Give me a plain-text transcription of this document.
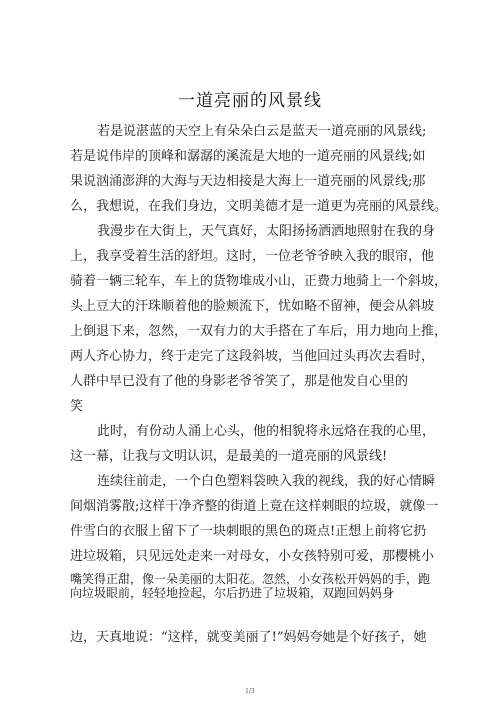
一道亮丽的风景线
若是说湛蓝的天空上有朵朵白云是蓝天一道亮丽的风景线;
若是说伟岸的顶峰和潺潺的溪流是大地的一道亮丽的风景线;如
果说汹涌澎湃的大海与天边相接是大海上一道亮丽的风景线;那
么，我想说，在我们身边，文明美德才是一道更为亮丽的风景线。
我漫步在大街上，天气真好，太阳扬扬洒洒地照射在我的身
上，我享受着生活的舒坦。这时，一位老爷爷映入我的眼帘，他
骑着一辆三轮车，车上的货物堆成小山，正费力地骑上一个斜坡，
头上豆大的汗珠顺着他的脸颊流下，忧如略不留神，便会从斜坡
上倒退下来，忽然，一双有力的大手搭在了车后，用力地向上推，
两人齐心协力，终于走完了这段斜坡，当他回过头再次去看时，
人群中早已没有了他的身影老爷爷笑了，那是他发自心里的
笑
此时，有份动人涌上心头，他的相貌将永远烙在我的心里，
这一幕，让我与文明认识，是最美的一道亮丽的风景线!
连续往前走，一个白色塑料袋映入我的视线，我的好心情瞬
间烟消雾散;这样干净齐整的街道上竟在这样刺眼的垃圾，就像一
件雪白的衣服上留下了一块刺眼的黑色的斑点!正想上前将它扔
进垃圾箱，只见远处走来一对母女，小女孩特别可爱，那樱桃小
嘴笑得正甜，像一朵美丽的太阳花。忽然，小女孩松开妈妈的手，跑
向垃圾眼前，轻轻地捡起，尔后扔进了垃圾箱，双跑回妈妈身
边，天真地说：“这样，就变美丽了!”妈妈夸她是个好孩子，她
1/3
